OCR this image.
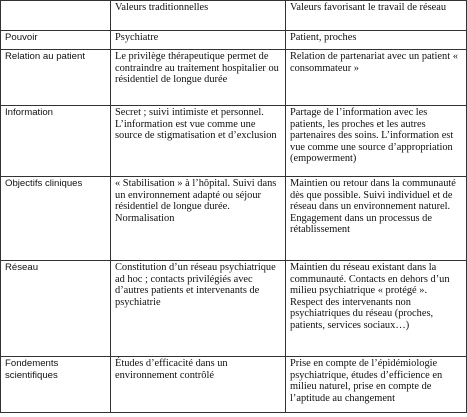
	Valeurs traditionnelles	Valeurs favorisant le travail de réseau
Pouvoir	Psychiatre	Patient, proches
Relation au patient	Le privilège thérapeutique permet de contraindre au traitement hospitalier ou résidentiel de longue durée	Relation de partenariat avec un patient « consommateur »
Information	Secret ; suivi intimiste et personnel. L’information est vue comme une source de stigmatisation et d’exclusion	Partage de l’information avec les patients, les proches et les autres partenaires des soins. L’information est vue comme une source d’appropriation (empowerment)
Objectifs cliniques	« Stabilisation » à l’hôpital. Suivi dans un environnement adapté ou séjour résidentiel de longue durée. Normalisation	Maintien ou retour dans la communauté dès que possible. Suivi individuel et de réseau dans un environnement naturel. Engagement dans un processus de rétablissement
Réseau	Constitution d’un réseau psychiatrique ad hoc ; contacts privilégiés avec d’autres patients et intervenants de psychiatrie	Maintien du réseau existant dans la communauté. Contacts en dehors d’un milieu psychiatrique « protégé ». Respect des intervenants non psychiatriques du réseau (proches, patients, services sociaux…)
Fondements scientifiques	Études d’efficacité dans un environnement contrôlé	Prise en compte de l’épidémiologie psychiatrique, études d’efficience en milieu naturel, prise en compte de l’aptitude au changement
